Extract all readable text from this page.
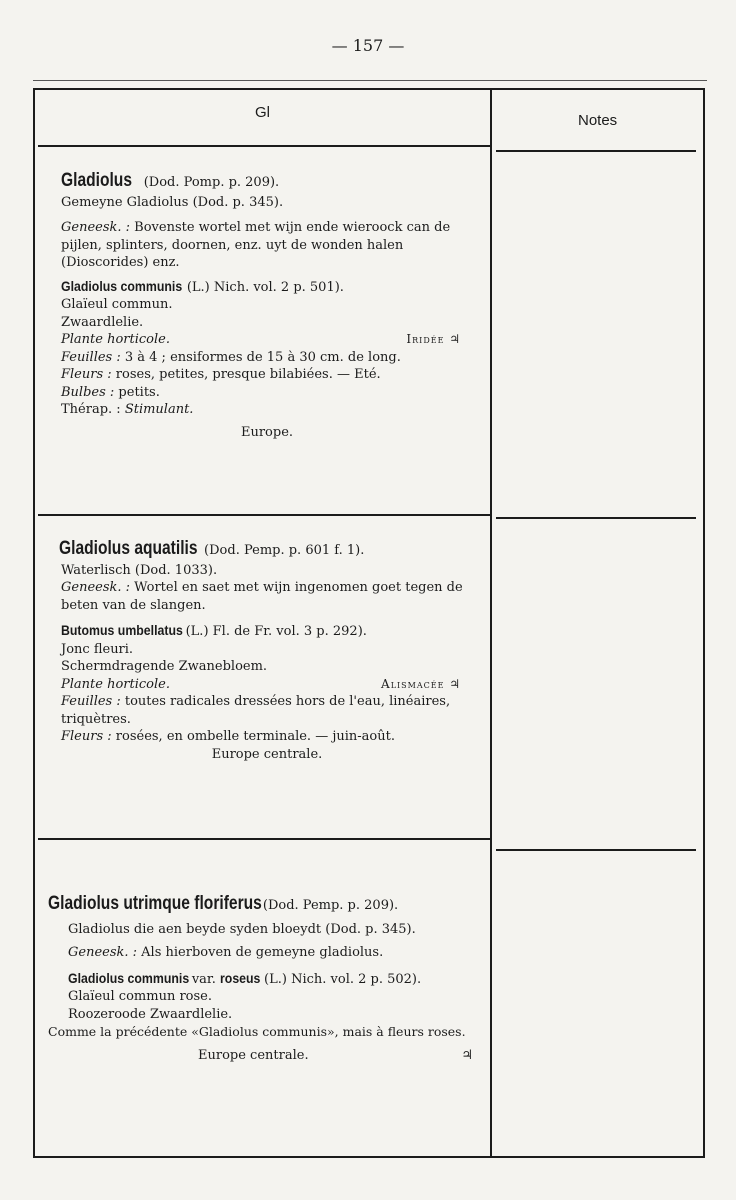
— 157 —
Gl	Notes

Gladiolus (Dod. Pomp. p. 209).

Gemeyne Gladiolus (Dod. p. 345).

Geneesk. : Bovenste wortel met wijn ende wieroock can de pijlen, splinters, doornen, enz. uyt de wonden halen (Dioscorides) enz.

Gladiolus communis (L.) Nich. vol. 2 p. 501).

Glaïeul commun.

Zwaardlelie.

Plante horticole.	Iridée ♃

Feuilles : 3 à 4 ; ensiformes de 15 à 30 cm. de long.

Fleurs : roses, petites, presque bilabiées. — Eté.

Bulbes : petits.

Thérap. : Stimulant.

Europe.

Gladiolus aquatilis (Dod. Pemp. p. 601 f. 1).

Waterlisch (Dod. 1033).

Geneesk. : Wortel en saet met wijn ingenomen goet tegen de beten van de slangen.

Butomus umbellatus (L.) Fl. de Fr. vol. 3 p. 292).

Jonc fleuri.

Schermdragende Zwanebloem.

Plante horticole.	Alismacée ♃

Feuilles : toutes radicales dressées hors de l'eau, linéaires, triquètres.

Fleurs : rosées, en ombelle terminale. — juin-août.

Europe centrale.

Gladiolus utrimque floriferus (Dod. Pemp. p. 209).

Gladiolus die aen beyde syden bloeydt (Dod. p. 345).

Geneesk. : Als hierboven de gemeyne gladiolus.

Gladiolus communis var. roseus (L.) Nich. vol. 2 p. 502).

Glaïeul commun rose.

Roozeroode Zwaardlelie.

Comme la précédente «Gladiolus communis», mais à fleurs roses.

Europe centrale.	♃
